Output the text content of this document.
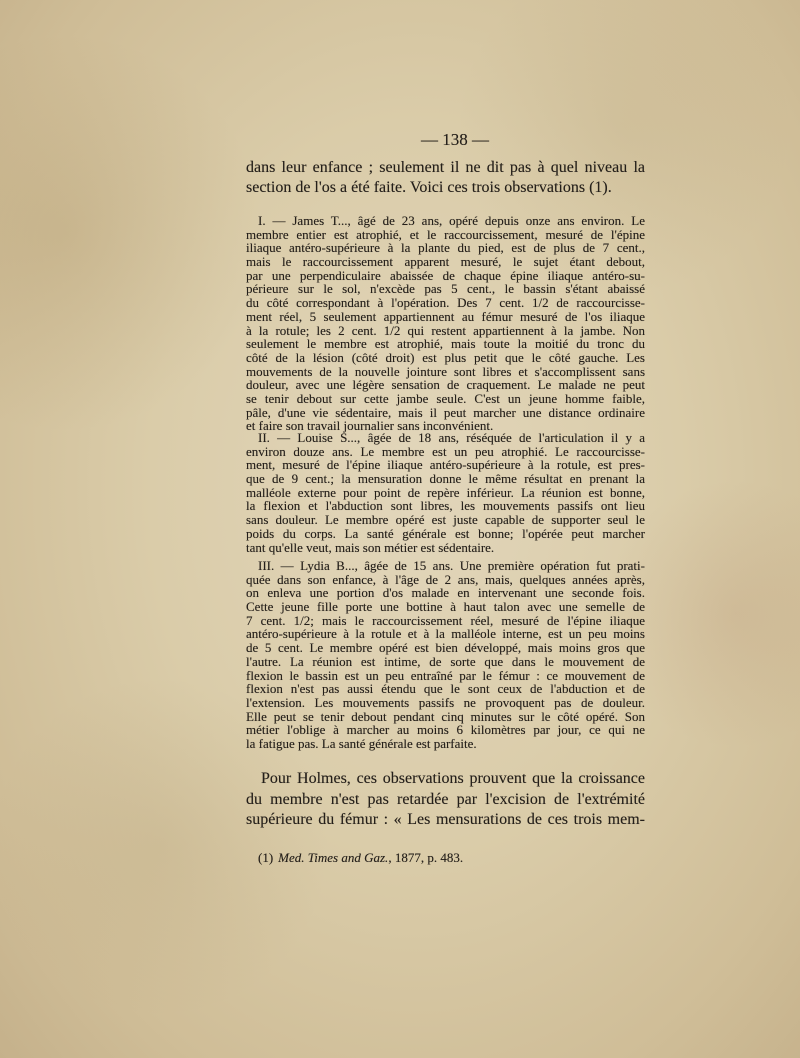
— 138 —
dans leur enfance ; seulement il ne dit pas à quel niveau la
section de l'os a été faite. Voici ces trois observations (1).
I. — James T..., âgé de 23 ans, opéré depuis onze ans environ. Le
membre entier est atrophié, et le raccourcissement, mesuré de l'épine
iliaque antéro-supérieure à la plante du pied, est de plus de 7 cent.,
mais le raccourcissement apparent mesuré, le sujet étant debout,
par une perpendiculaire abaissée de chaque épine iliaque antéro-su-
périeure sur le sol, n'excède pas 5 cent., le bassin s'étant abaissé
du côté correspondant à l'opération. Des 7 cent. 1/2 de raccourcisse-
ment réel, 5 seulement appartiennent au fémur mesuré de l'os iliaque
à la rotule; les 2 cent. 1/2 qui restent appartiennent à la jambe. Non
seulement le membre est atrophié, mais toute la moitié du tronc du
côté de la lésion (côté droit) est plus petit que le côté gauche. Les
mouvements de la nouvelle jointure sont libres et s'accomplissent sans
douleur, avec une légère sensation de craquement. Le malade ne peut
se tenir debout sur cette jambe seule. C'est un jeune homme faible,
pâle, d'une vie sédentaire, mais il peut marcher une distance ordinaire
et faire son travail journalier sans inconvénient.
II. — Louise S..., âgée de 18 ans, réséquée de l'articulation il y a
environ douze ans. Le membre est un peu atrophié. Le raccourcisse-
ment, mesuré de l'épine iliaque antéro-supérieure à la rotule, est pres-
que de 9 cent.; la mensuration donne le même résultat en prenant la
malléole externe pour point de repère inférieur. La réunion est bonne,
la flexion et l'abduction sont libres, les mouvements passifs ont lieu
sans douleur. Le membre opéré est juste capable de supporter seul le
poids du corps. La santé générale est bonne; l'opérée peut marcher
tant qu'elle veut, mais son métier est sédentaire.
III. — Lydia B..., âgée de 15 ans. Une première opération fut prati-
quée dans son enfance, à l'âge de 2 ans, mais, quelques années après,
on enleva une portion d'os malade en intervenant une seconde fois.
Cette jeune fille porte une bottine à haut talon avec une semelle de
7 cent. 1/2; mais le raccourcissement réel, mesuré de l'épine iliaque
antéro-supérieure à la rotule et à la malléole interne, est un peu moins
de 5 cent. Le membre opéré est bien développé, mais moins gros que
l'autre. La réunion est intime, de sorte que dans le mouvement de
flexion le bassin est un peu entraîné par le fémur : ce mouvement de
flexion n'est pas aussi étendu que le sont ceux de l'abduction et de
l'extension. Les mouvements passifs ne provoquent pas de douleur.
Elle peut se tenir debout pendant cinq minutes sur le côté opéré. Son
métier l'oblige à marcher au moins 6 kilomètres par jour, ce qui ne
la fatigue pas. La santé générale est parfaite.
Pour Holmes, ces observations prouvent que la croissance
du membre n'est pas retardée par l'excision de l'extrémité
supérieure du fémur : « Les mensurations de ces trois mem-
(1) Med. Times and Gaz., 1877, p. 483.
